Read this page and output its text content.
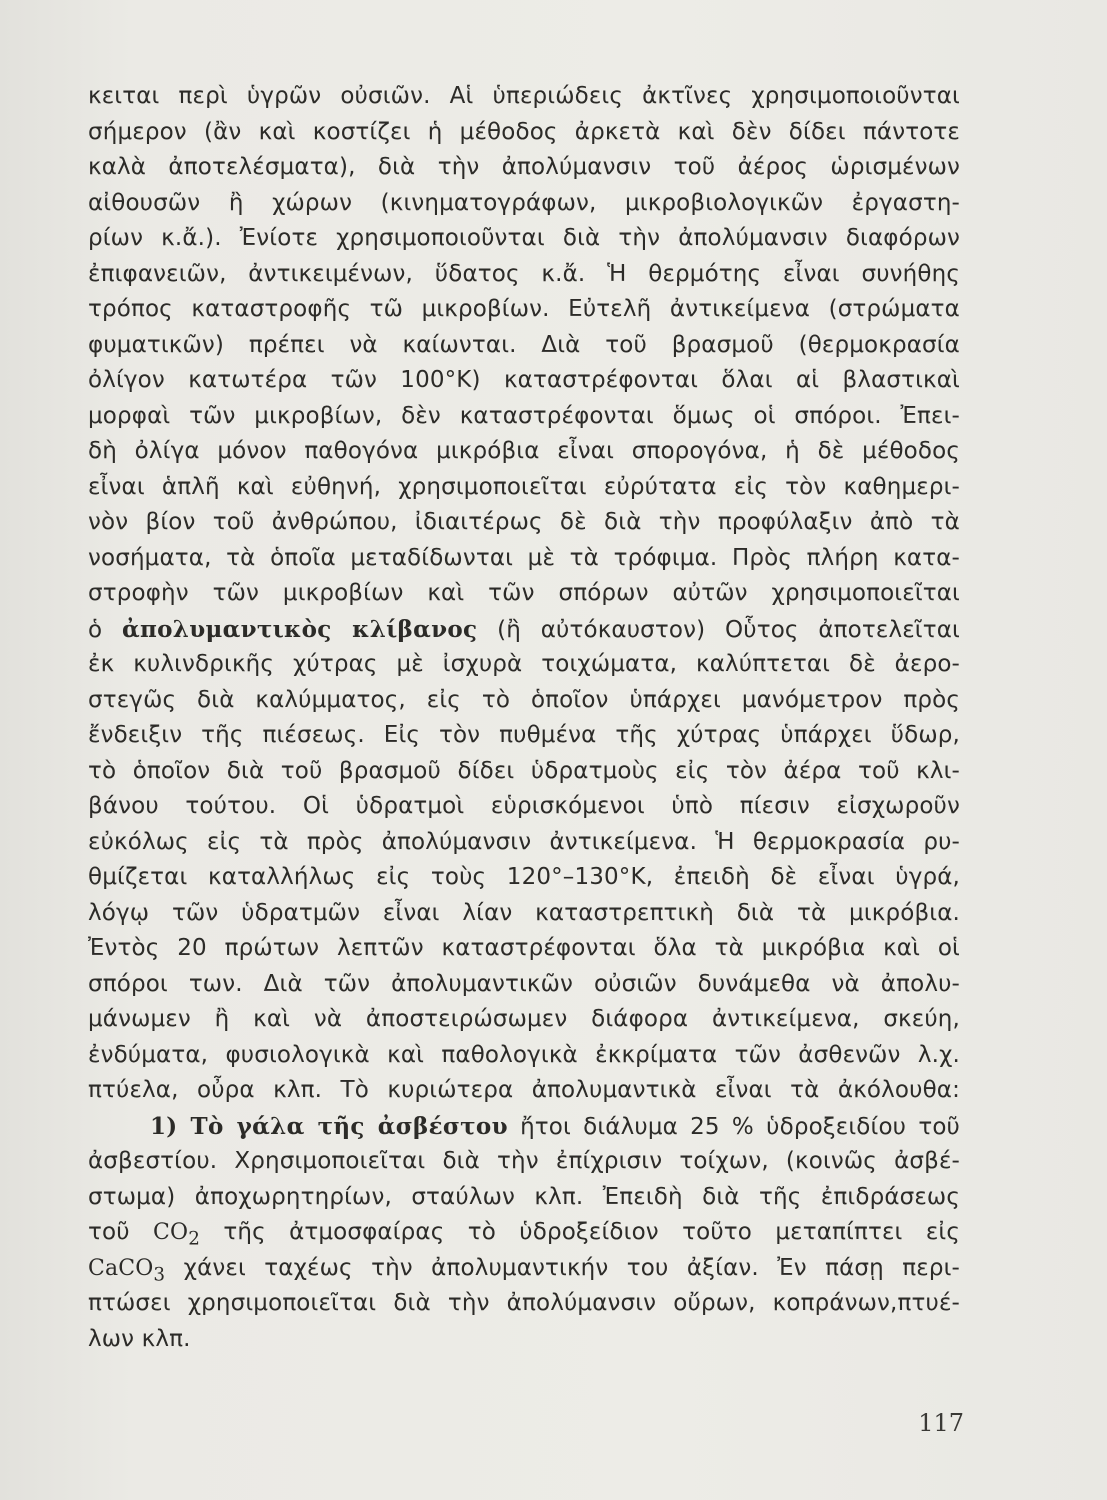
κειται περὶ ὑγρῶν οὐσιῶν. Αἱ ὑπεριώδεις ἀκτῖνες χρησιμοποιοῦνται
σήμερον (ἂν καὶ κοστίζει ἡ μέθοδος ἀρκετὰ καὶ δὲν δίδει πάντοτε
καλὰ ἀποτελέσματα), διὰ τὴν ἀπολύμανσιν τοῦ ἀέρος ὡρισμένων
αἰθουσῶν ἢ χώρων (κινηματογράφων, μικροβιολογικῶν ἐργαστη-
ρίων κ.ἄ.). Ἐνίοτε χρησιμοποιοῦνται διὰ τὴν ἀπολύμανσιν διαφόρων
ἐπιφανειῶν, ἀντικειμένων, ὕδατος κ.ἄ. Ἡ θερμότης εἶναι συνήθης
τρόπος καταστροφῆς τῶ μικροβίων. Εὐτελῆ ἀντικείμενα (στρώματα
φυματικῶν) πρέπει νὰ καίωνται. Διὰ τοῦ βρασμοῦ (θερμοκρασία
ὀλίγον κατωτέρα τῶν 100°Κ) καταστρέφονται ὅλαι αἱ βλαστικαὶ
μορφαὶ τῶν μικροβίων, δὲν καταστρέφονται ὅμως οἱ σπόροι. Ἐπει-
δὴ ὀλίγα μόνον παθογόνα μικρόβια εἶναι σπορογόνα, ἡ δὲ μέθοδος
εἶναι ἁπλῆ καὶ εὐθηνή, χρησιμοποιεῖται εὐρύτατα εἰς τὸν καθημερι-
νὸν βίον τοῦ ἀνθρώπου, ἰδιαιτέρως δὲ διὰ τὴν προφύλαξιν ἀπὸ τὰ
νοσήματα, τὰ ὁποῖα μεταδίδωνται μὲ τὰ τρόφιμα. Πρὸς πλήρη κατα-
στροφὴν τῶν μικροβίων καὶ τῶν σπόρων αὐτῶν χρησιμοποιεῖται
ὁ ἀπολυμαντικὸς κλίβανος (ἢ αὐτόκαυστον) Οὗτος ἀποτελεῖται
ἐκ κυλινδρικῆς χύτρας μὲ ἰσχυρὰ τοιχώματα, καλύπτεται δὲ ἀερο-
στεγῶς διὰ καλύμματος, εἰς τὸ ὁποῖον ὑπάρχει μανόμετρον πρὸς
ἔνδειξιν τῆς πιέσεως. Εἰς τὸν πυθμένα τῆς χύτρας ὑπάρχει ὕδωρ,
τὸ ὁποῖον διὰ τοῦ βρασμοῦ δίδει ὑδρατμοὺς εἰς τὸν ἀέρα τοῦ κλι-
βάνου τούτου. Οἱ ὑδρατμοὶ εὑρισκόμενοι ὑπὸ πίεσιν εἰσχωροῦν
εὐκόλως εἰς τὰ πρὸς ἀπολύμανσιν ἀντικείμενα. Ἡ θερμοκρασία ρυ-
θμίζεται καταλλήλως εἰς τοὺς 120°–130°Κ, ἐπειδὴ δὲ εἶναι ὑγρά,
λόγῳ τῶν ὑδρατμῶν εἶναι λίαν καταστρεπτικὴ διὰ τὰ μικρόβια.
Ἐντὸς 20 πρώτων λεπτῶν καταστρέφονται ὅλα τὰ μικρόβια καὶ οἱ
σπόροι των. Διὰ τῶν ἀπολυμαντικῶν οὐσιῶν δυνάμεθα νὰ ἀπολυ-
μάνωμεν ἢ καὶ νὰ ἀποστειρώσωμεν διάφορα ἀντικείμενα, σκεύη,
ἐνδύματα, φυσιολογικὰ καὶ παθολογικὰ ἐκκρίματα τῶν ἀσθενῶν λ.χ.
πτύελα, οὖρα κλπ. Τὸ κυριώτερα ἀπολυμαντικὰ εἶναι τὰ ἀκόλουθα:
1) Τὸ γάλα τῆς ἀσβέστου ἤτοι διάλυμα 25 % ὑδροξειδίου τοῦ
ἀσβεστίου. Χρησιμοποιεῖται διὰ τὴν ἐπίχρισιν τοίχων, (κοινῶς ἀσβέ-
στωμα) ἀποχωρητηρίων, σταύλων κλπ. Ἐπειδὴ διὰ τῆς ἐπιδράσεως
τοῦ $CO_2$ τῆς ἀτμοσφαίρας τὸ ὑδροξείδιον τοῦτο μεταπίπτει εἰς
CaCO$_3$ χάνει ταχέως τὴν ἀπολυμαντικήν του ἀξίαν. Ἐν πάσῃ περι-
πτώσει χρησιμοποιεῖται διὰ τὴν ἀπολύμανσιν οὔρων, κοπράνων,πτυέ-
λων κλπ.
117
